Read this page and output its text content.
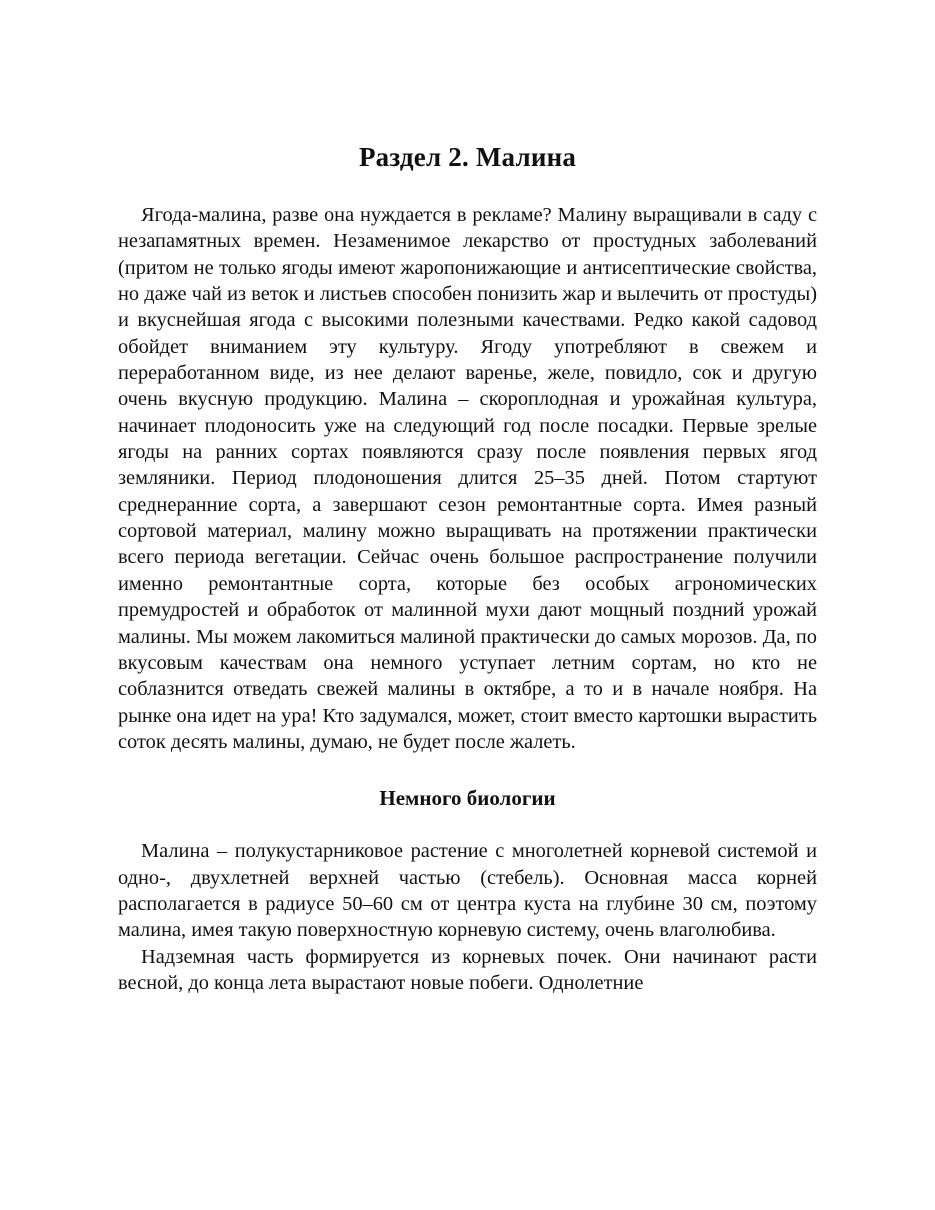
Раздел 2. Малина

Ягода-малина, разве она нуждается в рекламе? Малину выращивали в саду с незапамятных времен. Незаменимое лекарство от простудных заболеваний (притом не только ягоды имеют жаропонижающие и антисептические свойства, но даже чай из веток и листьев способен понизить жар и вылечить от простуды) и вкуснейшая ягода с высокими полезными качествами. Редко какой садовод обойдет вниманием эту культуру. Ягоду употребляют в свежем и переработанном виде, из нее делают варенье, желе, повидло, сок и другую очень вкусную продукцию. Малина – скороплодная и урожайная культура, начинает плодоносить уже на следующий год после посадки. Первые зрелые ягоды на ранних сортах появляются сразу после появления первых ягод земляники. Период плодоношения длится 25–35 дней. Потом стартуют среднеранние сорта, а завершают сезон ремонтантные сорта. Имея разный сортовой материал, малину можно выращивать на протяжении практически всего периода вегетации. Сейчас очень большое распространение получили именно ремонтантные сорта, которые без особых агрономических премудростей и обработок от малинной мухи дают мощный поздний урожай малины. Мы можем лакомиться малиной практически до самых морозов. Да, по вкусовым качествам она немного уступает летним сортам, но кто не соблазнится отведать свежей малины в октябре, а то и в начале ноября. На рынке она идет на ура! Кто задумался, может, стоит вместо картошки вырастить соток десять малины, думаю, не будет после жалеть.

Немного биологии

Малина – полукустарниковое растение с многолетней корневой системой и одно-, двухлетней верхней частью (стебель). Основная масса корней располагается в радиусе 50–60 см от центра куста на глубине 30 см, поэтому малина, имея такую поверхностную корневую систему, очень влаголюбива.

Надземная часть формируется из корневых почек. Они начинают расти весной, до конца лета вырастают новые побеги. Однолетние
